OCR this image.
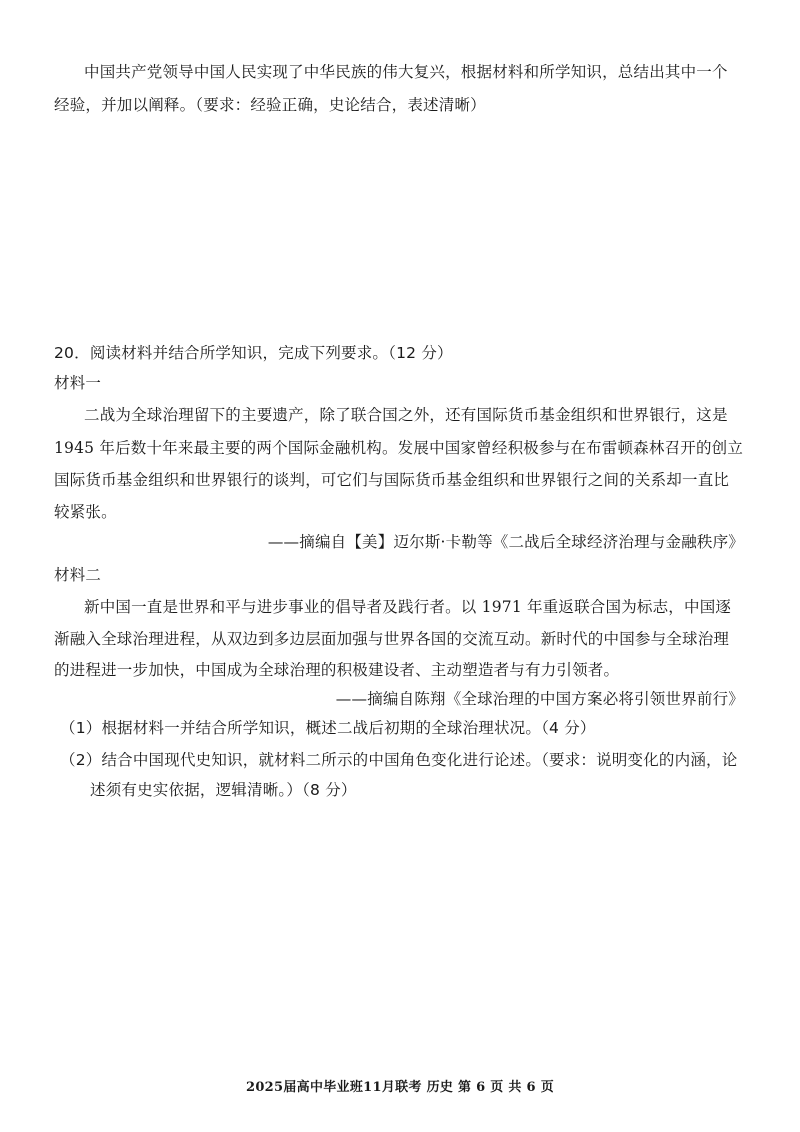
中国共产党领导中国人民实现了中华民族的伟大复兴，根据材料和所学知识，总结出其中一个
经验，并加以阐释。（要求：经验正确，史论结合，表述清晰）
20．阅读材料并结合所学知识，完成下列要求。（12 分）
材料一
二战为全球治理留下的主要遗产，除了联合国之外，还有国际货币基金组织和世界银行，这是
1945 年后数十年来最主要的两个国际金融机构。发展中国家曾经积极参与在布雷顿森林召开的创立
国际货币基金组织和世界银行的谈判，可它们与国际货币基金组织和世界银行之间的关系却一直比
较紧张。
——摘编自【美】迈尔斯·卡勒等《二战后全球经济治理与金融秩序》
材料二
新中国一直是世界和平与进步事业的倡导者及践行者。以 1971 年重返联合国为标志，中国逐
渐融入全球治理进程，从双边到多边层面加强与世界各国的交流互动。新时代的中国参与全球治理
的进程进一步加快，中国成为全球治理的积极建设者、主动塑造者与有力引领者。
——摘编自陈翔《全球治理的中国方案必将引领世界前行》
（1）根据材料一并结合所学知识，概述二战后初期的全球治理状况。（4 分）
（2）结合中国现代史知识，就材料二所示的中国角色变化进行论述。（要求：说明变化的内涵，论
述须有史实依据，逻辑清晰。）（8 分）
2025届高中毕业班11月联考 历史 第 6 页 共 6 页
